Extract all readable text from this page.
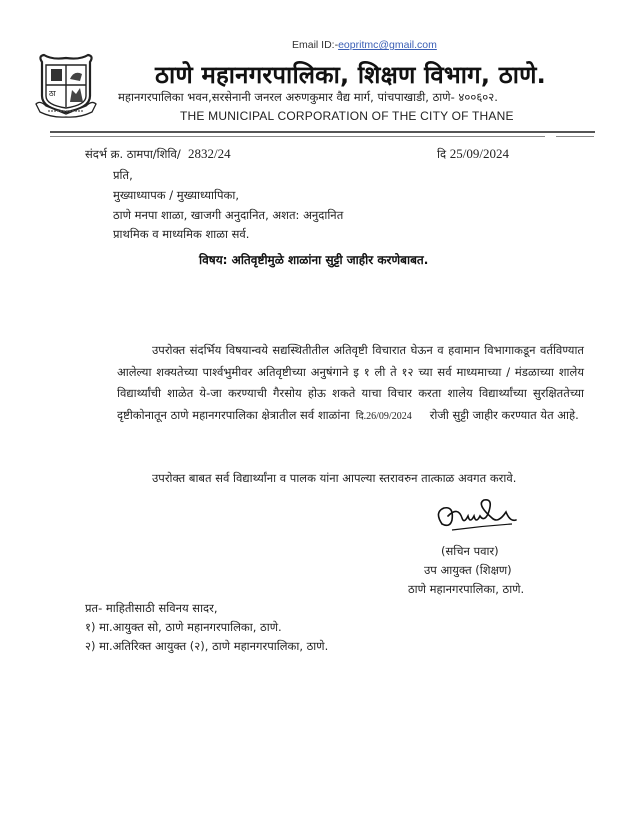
Email ID:-eopritmc@gmail.com
ठा
ठाणे महानगरपालिका, शिक्षण विभाग, ठाणे.
महानगरपालिका भवन,सरसेनानी जनरल अरुणकुमार वैद्य मार्ग, पांचपाखाडी, ठाणे- ४००६०२.
THE MUNICIPAL CORPORATION OF THE CITY OF THANE
संदर्भ क्र. ठामपा/शिवि/ 2832/24	दि 25/09/2024
प्रति,
मुख्याध्यापक / मुख्याध्यापिका,
ठाणे मनपा शाळा, खाजगी अनुदानित, अशत: अनुदानित
प्राथमिक व माध्यमिक शाळा सर्व.
विषय: अतिवृष्टीमुळे शाळांना सुट्टी जाहीर करणेबाबत.
उपरोक्त संदर्भिय विषयान्वये सद्यस्थितीतील अतिवृष्टी विचारात घेऊन व हवामान विभागाकडून वर्तविण्यात आलेल्या शक्यतेच्या पार्श्वभुमीवर अतिवृष्टीच्या अनुषंगाने इ १ ली ते १२ च्या सर्व माध्यमाच्या / मंडळाच्या शालेय विद्यार्थ्यांची शाळेत ये-जा करण्याची गैरसोय होऊ शकते याचा विचार करता शालेय विद्यार्थ्यांच्या सुरक्षिततेच्या दृष्टीकोनातून ठाणे महानगरपालिका क्षेत्रातील सर्व शाळांना दि.26/09/2024 रोजी सुट्टी जाहीर करण्यात येत आहे.
उपरोक्त बाबत सर्व विद्यार्थ्यांना व पालक यांना आपल्या स्तरावरुन तात्काळ अवगत करावे.
(सचिन पवार)
उप आयुक्त (शिक्षण)
ठाणे महानगरपालिका, ठाणे.
प्रत- माहितीसाठी सविनय सादर,
१) मा.आयुक्त सो, ठाणे महानगरपालिका, ठाणे.
२) मा.अतिरिक्त आयुक्त (२), ठाणे महानगरपालिका, ठाणे.
